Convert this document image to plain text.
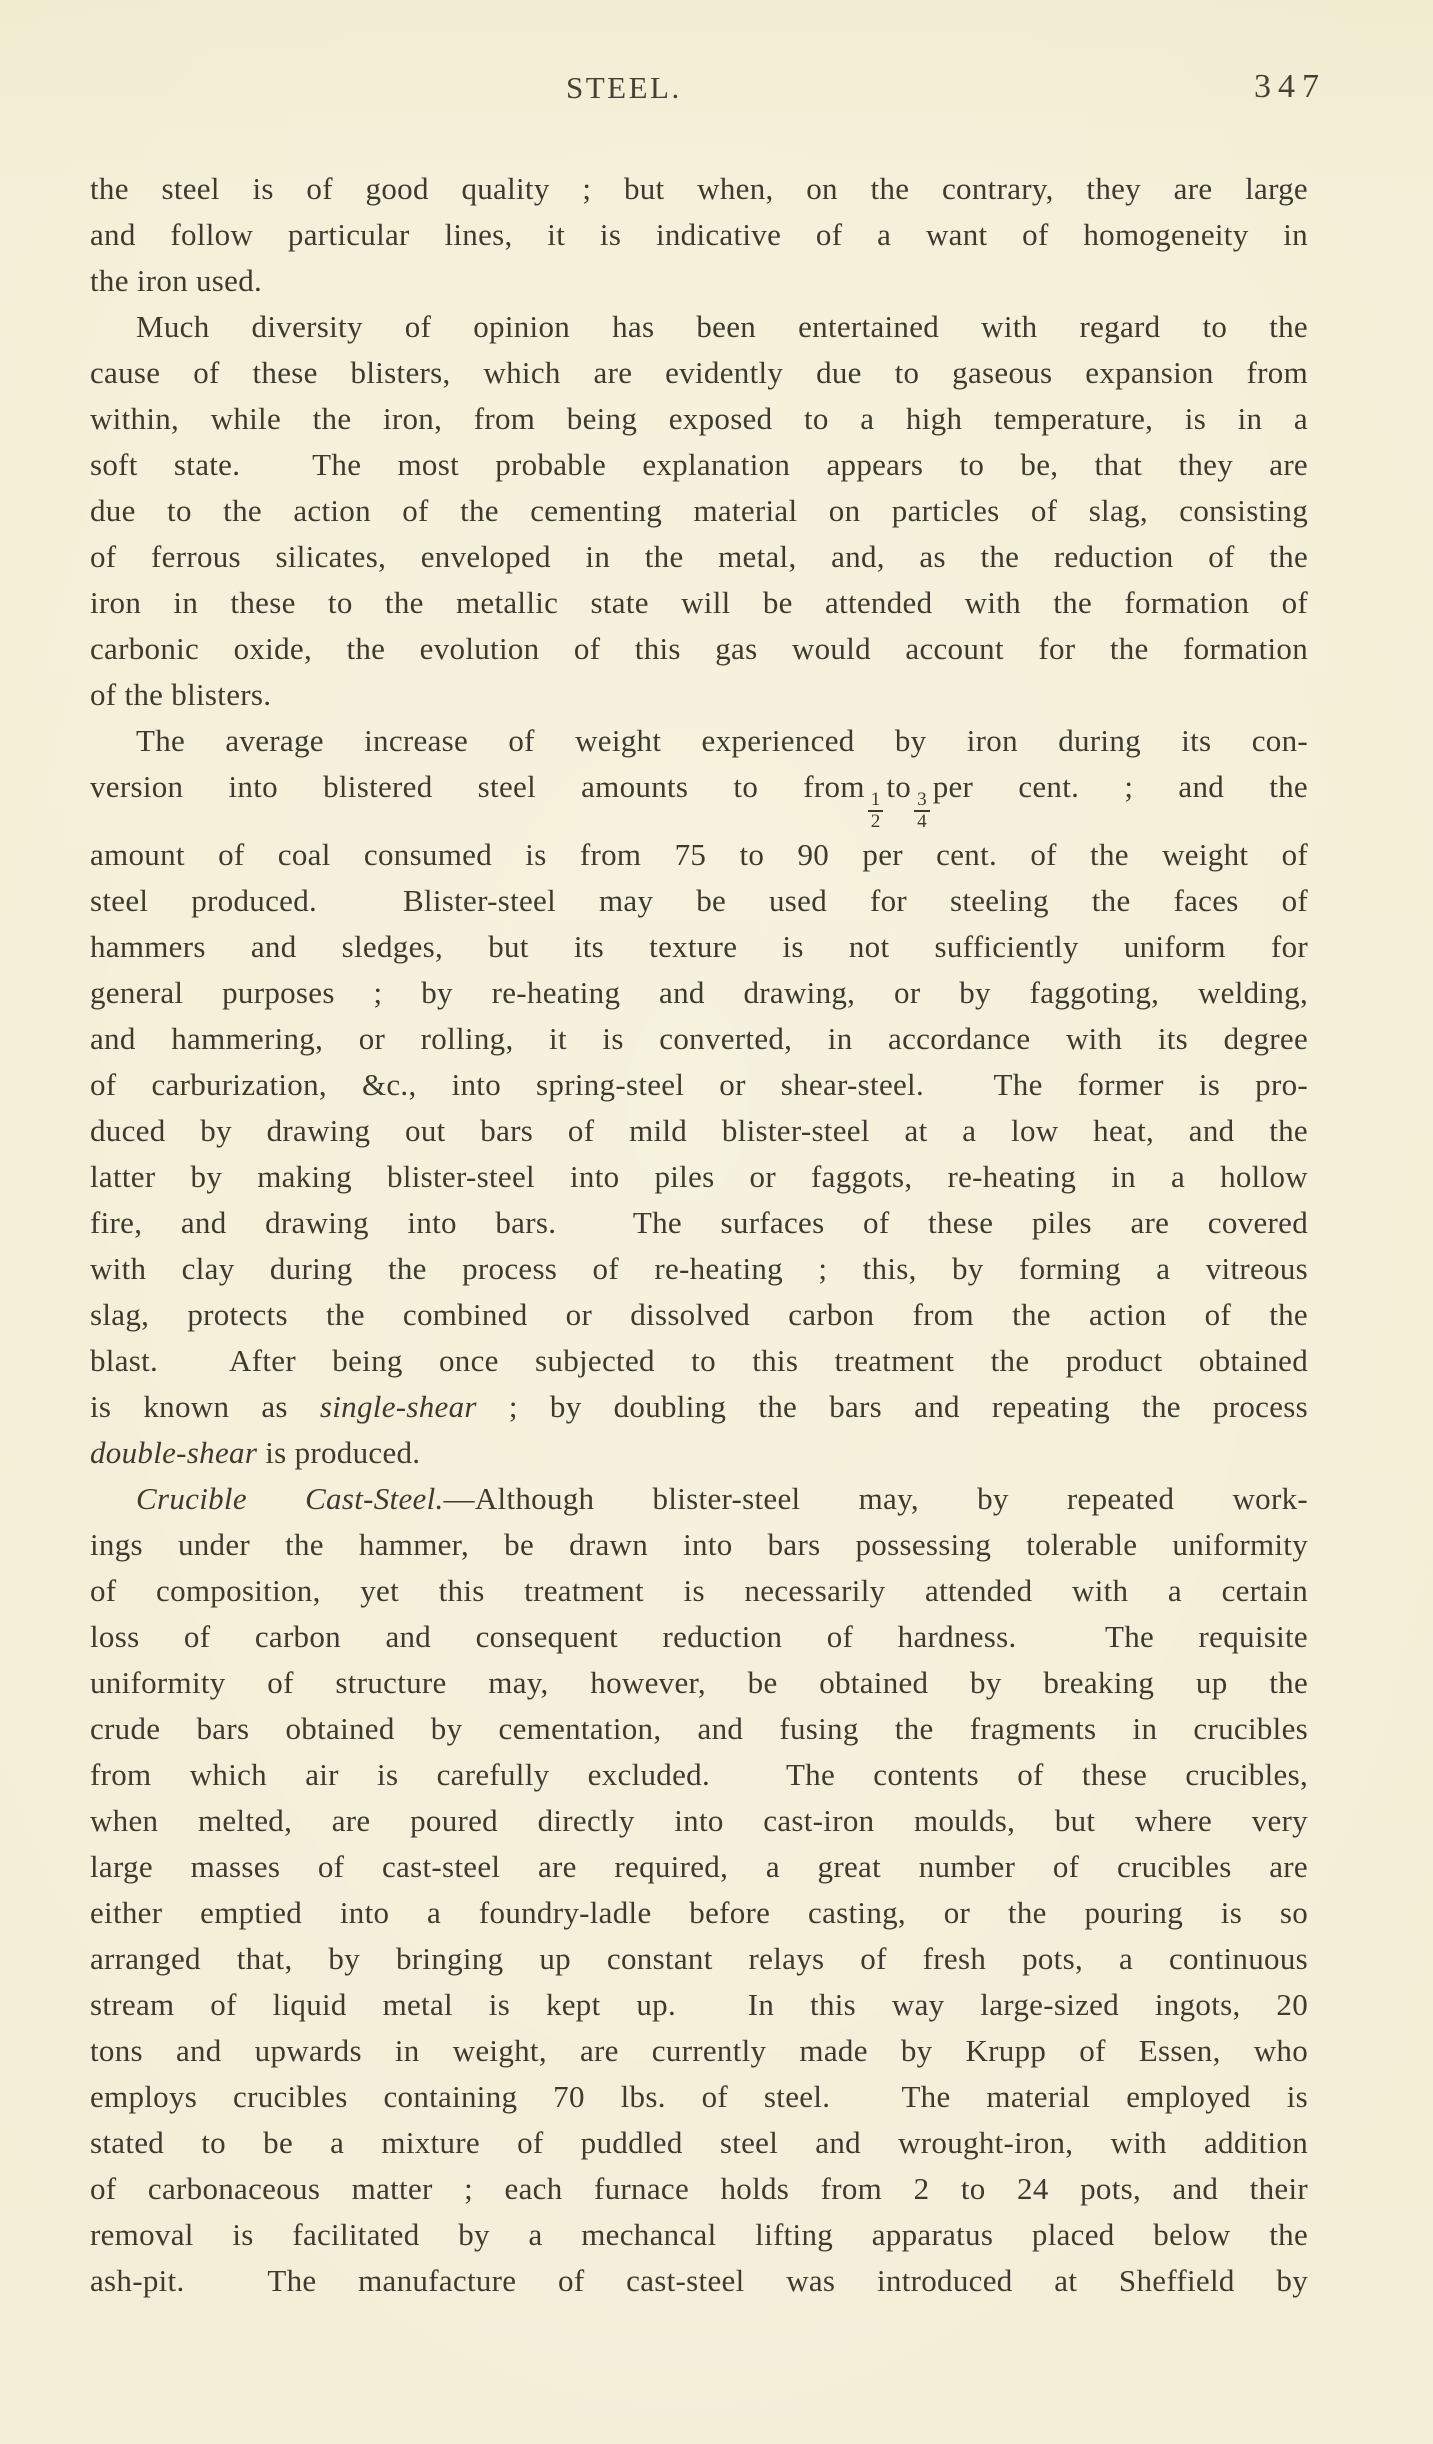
STEEL.	347
the steel is of good quality ; but when, on the contrary, they are large
and follow particular lines, it is indicative of a want of homogeneity in
the iron used.
Much diversity of opinion has been entertained with regard to the
cause of these blisters, which are evidently due to gaseous expansion from
within, while the iron, from being exposed to a high temperature, is in a
soft state.  The most probable explanation appears to be, that they are
due to the action of the cementing material on particles of slag, consisting
of ferrous silicates, enveloped in the metal, and, as the reduction of the
iron in these to the metallic state will be attended with the formation of
carbonic oxide, the evolution of this gas would account for the formation
of the blisters.
The average increase of weight experienced by iron during its con-
version into blistered steel amounts to from
$\frac{1}{2}$
to
$\frac{3}{4}$
per cent. ; and the
amount of coal consumed is from 75 to 90 per cent. of the weight of
steel produced.  Blister-steel may be used for steeling the faces of
hammers and sledges, but its texture is not sufficiently uniform for
general purposes ; by re-heating and drawing, or by faggoting, welding,
and hammering, or rolling, it is converted, in accordance with its degree
of carburization, &c., into spring-steel or shear-steel.  The former is pro-
duced by drawing out bars of mild blister-steel at a low heat, and the
latter by making blister-steel into piles or faggots, re-heating in a hollow
fire, and drawing into bars.  The surfaces of these piles are covered
with clay during the process of re-heating ; this, by forming a vitreous
slag, protects the combined or dissolved carbon from the action of the
blast.  After being once subjected to this treatment the product obtained
is known as single-shear ; by doubling the bars and repeating the process
double-shear is produced.
Crucible Cast-Steel.—Although blister-steel may, by repeated work-
ings under the hammer, be drawn into bars possessing tolerable uniformity
of composition, yet this treatment is necessarily attended with a certain
loss of carbon and consequent reduction of hardness.  The requisite
uniformity of structure may, however, be obtained by breaking up the
crude bars obtained by cementation, and fusing the fragments in crucibles
from which air is carefully excluded.  The contents of these crucibles,
when melted, are poured directly into cast-iron moulds, but where very
large masses of cast-steel are required, a great number of crucibles are
either emptied into a foundry-ladle before casting, or the pouring is so
arranged that, by bringing up constant relays of fresh pots, a continuous
stream of liquid metal is kept up.  In this way large-sized ingots, 20
tons and upwards in weight, are currently made by Krupp of Essen, who
employs crucibles containing 70 lbs. of steel.  The material employed is
stated to be a mixture of puddled steel and wrought-iron, with addition
of carbonaceous matter ; each furnace holds from 2 to 24 pots, and their
removal is facilitated by a mechancal lifting apparatus placed below the
ash-pit.  The manufacture of cast-steel was introduced at Sheffield by
